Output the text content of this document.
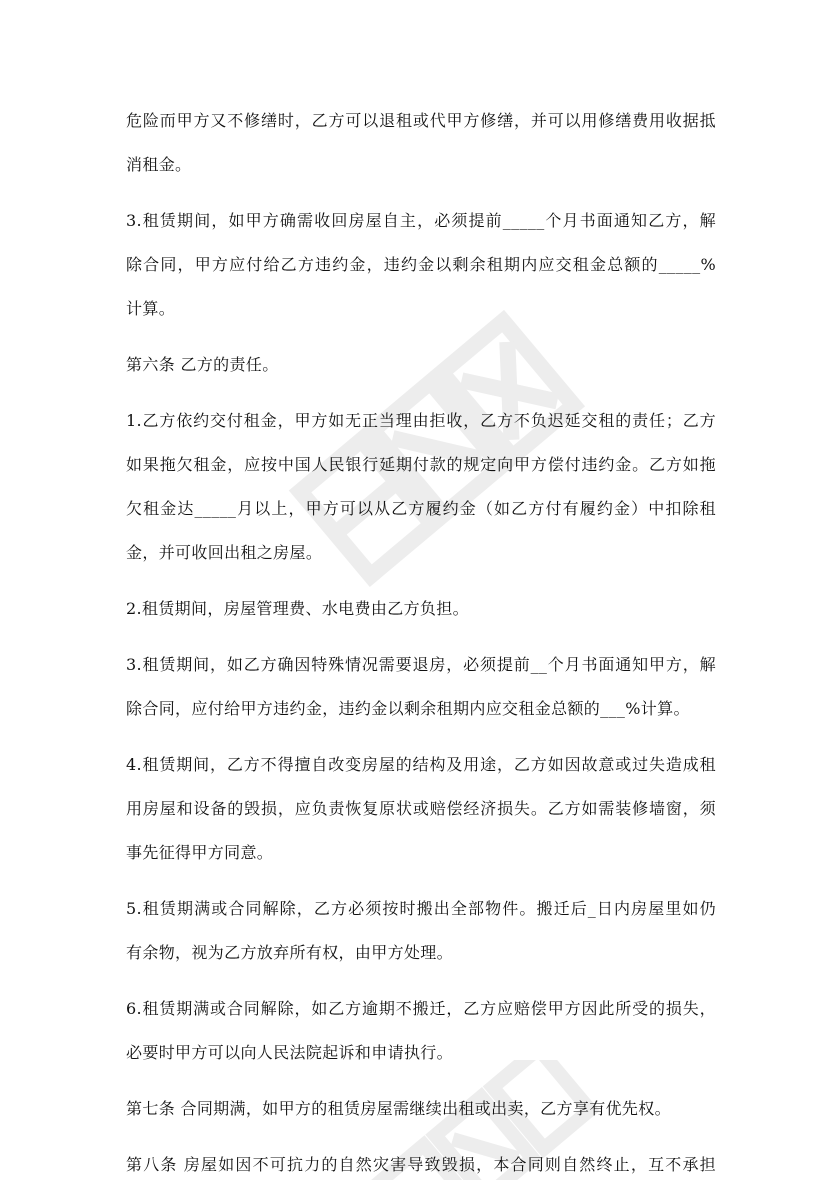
危险而甲方又不修缮时，乙方可以退租或代甲方修缮，并可以用修缮费用收据抵
消租金。
3.租赁期间，如甲方确需收回房屋自主，必须提前_____个月书面通知乙方，解
除合同，甲方应付给乙方违约金，违约金以剩余租期内应交租金总额的_____%
计算。
第六条 乙方的责任。
1.乙方依约交付租金，甲方如无正当理由拒收，乙方不负迟延交租的责任；乙方
如果拖欠租金，应按中国人民银行延期付款的规定向甲方偿付违约金。乙方如拖
欠租金达_____月以上，甲方可以从乙方履约金（如乙方付有履约金）中扣除租
金，并可收回出租之房屋。
2.租赁期间，房屋管理费、水电费由乙方负担。
3.租赁期间，如乙方确因特殊情况需要退房，必须提前__个月书面通知甲方，解
除合同，应付给甲方违约金，违约金以剩余租期内应交租金总额的___%计算。
4.租赁期间，乙方不得擅自改变房屋的结构及用途，乙方如因故意或过失造成租
用房屋和设备的毁损，应负责恢复原状或赔偿经济损失。乙方如需装修墙窗，须
事先征得甲方同意。
5.租赁期满或合同解除，乙方必须按时搬出全部物件。搬迁后_日内房屋里如仍
有余物，视为乙方放弃所有权，由甲方处理。
6.租赁期满或合同解除，如乙方逾期不搬迁，乙方应赔偿甲方因此所受的损失，
必要时甲方可以向人民法院起诉和申请执行。
第七条 合同期满，如甲方的租赁房屋需继续出租或出卖，乙方享有优先权。
第八条 房屋如因不可抗力的自然灾害导致毁损，本合同则自然终止，互不承担
